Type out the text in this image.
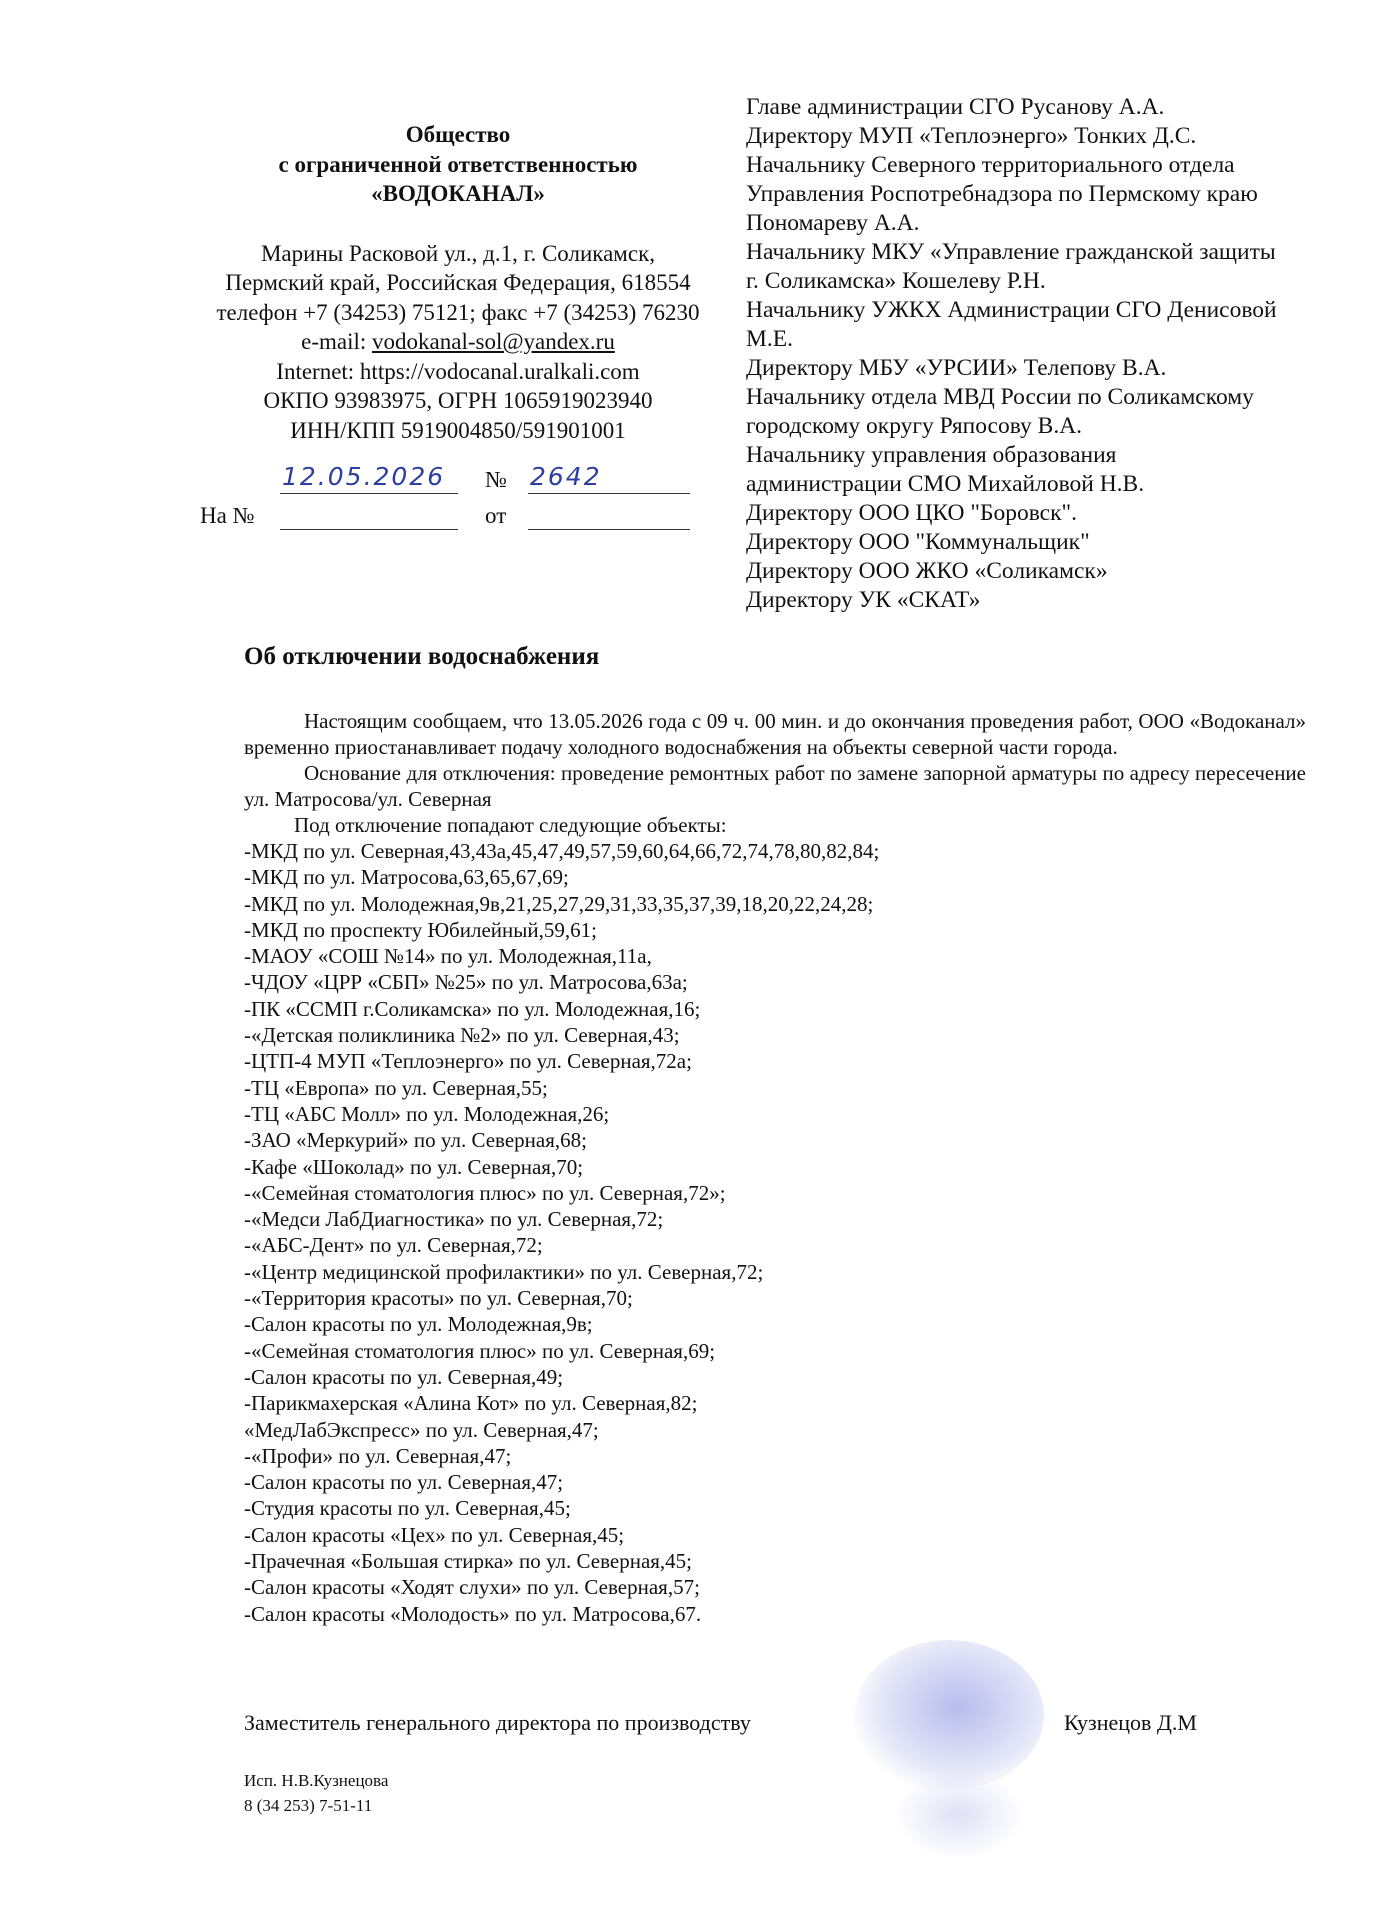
Общество
с ограниченной ответственностью
«ВОДОКАНАЛ»
Марины Расковой ул., д.1, г. Соликамск,
Пермский край, Российская Федерация, 618554
телефон +7 (34253) 75121; факс +7 (34253) 76230
e-mail: vodokanal-sol@yandex.ru
Internet: https://vodocanal.uralkali.com
ОКПО 93983975, ОГРН 1065919023940
ИНН/КПП 5919004850/591901001
12.05.2026 № 2642
На №	от
Главе администрации СГО Русанову А.А.
Директору МУП «Теплоэнерго» Тонких Д.С.
Начальнику Северного территориального отдела
Управления Роспотребнадзора по Пермскому краю
Пономареву А.А.
Начальнику МКУ «Управление гражданской защиты
г. Соликамска» Кошелеву Р.Н.
Начальнику УЖКХ Администрации СГО Денисовой
М.Е.
Директору МБУ «УРСИИ» Телепову В.А.
Начальнику отдела МВД России по Соликамскому
городскому округу Ряпосову В.А.
Начальнику управления образования
администрации СМО Михайловой Н.В.
Директору ООО ЦКО "Боровск".
Директору ООО "Коммунальщик"
Директору ООО ЖКО «Соликамск»
Директору УК «СКАТ»
Об отключении водоснабжения

Настоящим сообщаем, что 13.05.2026 года с 09 ч. 00 мин. и до окончания проведения работ, ООО «Водоканал» временно приостанавливает подачу холодного водоснабжения на объекты северной части города.

Основание для отключения: проведение ремонтных работ по замене запорной арматуры по адресу пересечение ул. Матросова/ул. Северная

Под отключение попадают следующие объекты:

-МКД по ул. Северная,43,43а,45,47,49,57,59,60,64,66,72,74,78,80,82,84;
-МКД по ул. Матросова,63,65,67,69;
-МКД по ул. Молодежная,9в,21,25,27,29,31,33,35,37,39,18,20,22,24,28;
-МКД по проспекту Юбилейный,59,61;
-МАОУ «СОШ №14» по ул. Молодежная,11а,
-ЧДОУ «ЦРР «СБП» №25» по ул. Матросова,63а;
-ПК «ССМП г.Соликамска» по ул. Молодежная,16;
-«Детская поликлиника №2» по ул. Северная,43;
-ЦТП-4 МУП «Теплоэнерго» по ул. Северная,72а;
-ТЦ «Европа» по ул. Северная,55;
-ТЦ «АБС Молл» по ул. Молодежная,26;
-ЗАО «Меркурий» по ул. Северная,68;
-Кафе «Шоколад» по ул. Северная,70;
-«Семейная стоматология плюс» по ул. Северная,72»;
-«Медси ЛабДиагностика» по ул. Северная,72;
-«АБС-Дент» по ул. Северная,72;
-«Центр медицинской профилактики» по ул. Северная,72;
-«Территория красоты» по ул. Северная,70;
-Салон красоты по ул. Молодежная,9в;
-«Семейная стоматология плюс» по ул. Северная,69;
-Салон красоты по ул. Северная,49;
-Парикмахерская «Алина Кот» по ул. Северная,82;
«МедЛабЭкспресс» по ул. Северная,47;
-«Профи» по ул. Северная,47;
-Салон красоты по ул. Северная,47;
-Студия красоты по ул. Северная,45;
-Салон красоты «Цех» по ул. Северная,45;
-Прачечная «Большая стирка» по ул. Северная,45;
-Салон красоты «Ходят слухи» по ул. Северная,57;
-Салон красоты «Молодость» по ул. Матросова,67.
Заместитель генерального директора по производству	Кузнецов Д.М
Исп. Н.В.Кузнецова
8 (34 253) 7-51-11
